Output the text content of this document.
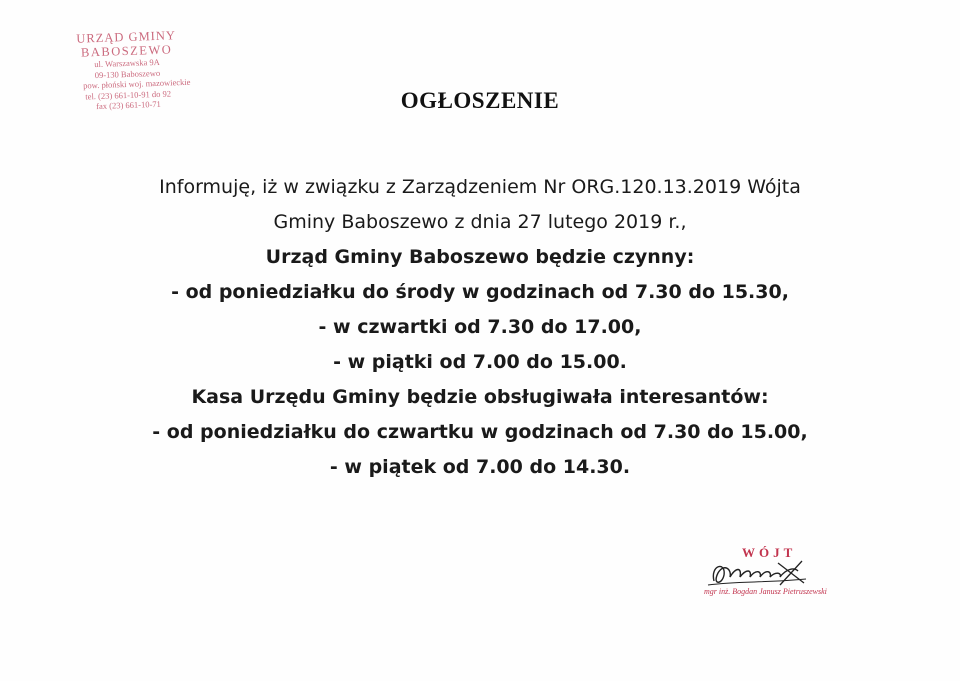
URZĄD GMINY
BABOSZEWO
ul. Warszawska 9A
09-130 Baboszewo
pow. płoński woj. mazowieckie
tel. (23) 661-10-91 do 92
fax (23) 661-10-71	OGŁOSZENIE
Informuję, iż w związku z Zarządzeniem Nr ORG.120.13.2019 Wójta
Gminy Baboszewo z dnia 27 lutego 2019 r.,
Urząd Gminy Baboszewo będzie czynny:
- od poniedziałku do środy w godzinach od 7.30 do 15.30,
- w czwartki od 7.30 do 17.00,
- w piątki od 7.00 do 15.00.
Kasa Urzędu Gminy będzie obsługiwała interesantów:
- od poniedziałku do czwartku w godzinach od 7.30 do 15.00,
- w piątek od 7.00 do 14.30.
WÓJT
mgr inż. Bogdan Janusz Pietruszewski
